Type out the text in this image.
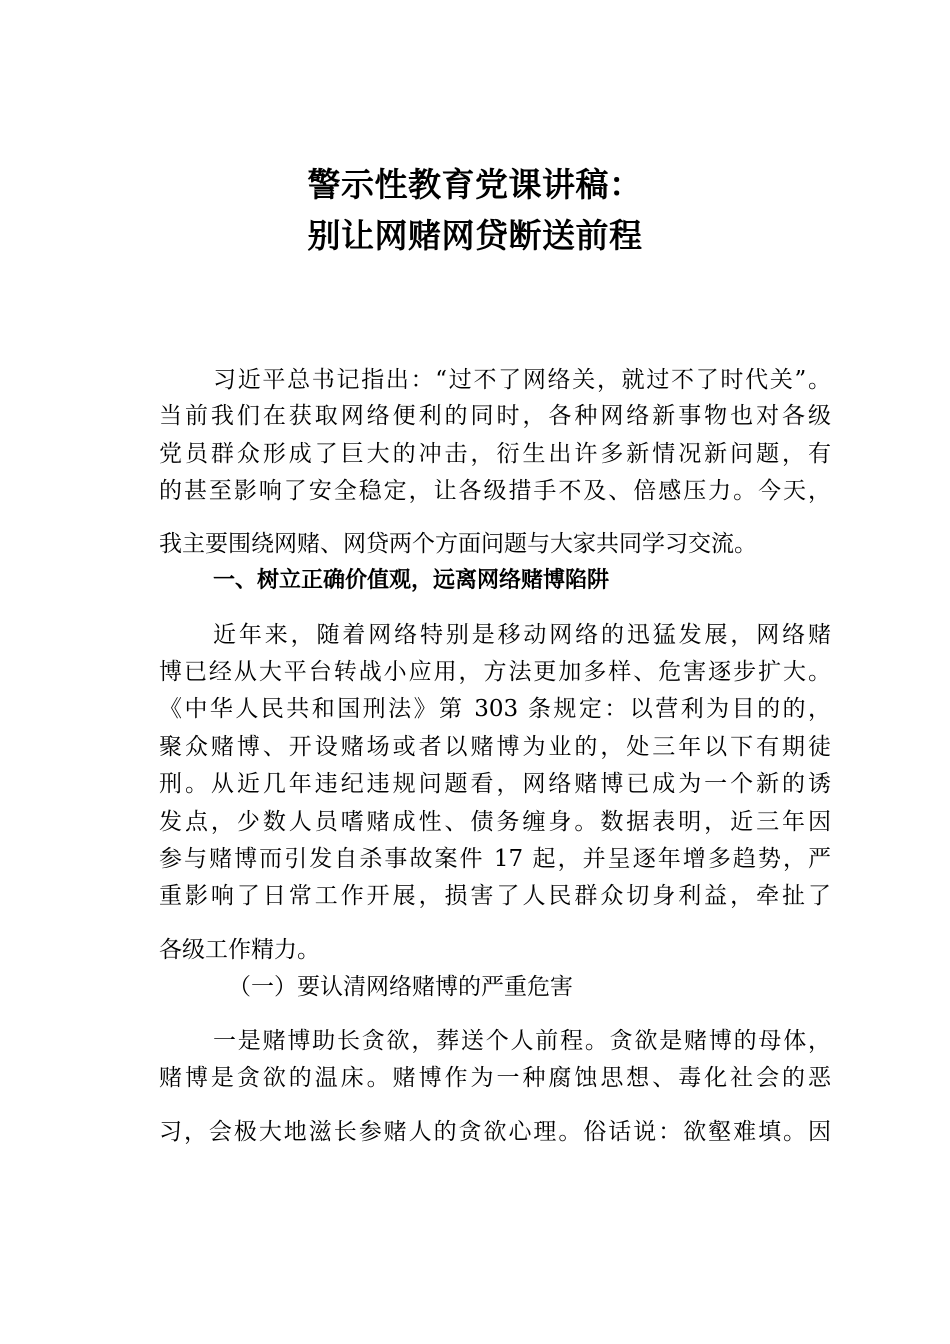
警示性教育党课讲稿：
别让网赌网贷断送前程
习近平总书记指出：“过不了网络关，就过不了时代关”。
当前我们在获取网络便利的同时，各种网络新事物也对各级
党员群众形成了巨大的冲击，衍生出许多新情况新问题，有
的甚至影响了安全稳定，让各级措手不及、倍感压力。今天，
我主要围绕网赌、网贷两个方面问题与大家共同学习交流。
一、树立正确价值观，远离网络赌博陷阱
近年来，随着网络特别是移动网络的迅猛发展，网络赌
博已经从大平台转战小应用，方法更加多样、危害逐步扩大。
《中华人民共和国刑法》第 303 条规定：以营利为目的的，
聚众赌博、开设赌场或者以赌博为业的，处三年以下有期徒
刑。从近几年违纪违规问题看，网络赌博已成为一个新的诱
发点，少数人员嗜赌成性、债务缠身。数据表明，近三年因
参与赌博而引发自杀事故案件 17 起，并呈逐年增多趋势，严
重影响了日常工作开展，损害了人民群众切身利益，牵扯了
各级工作精力。
（一）要认清网络赌博的严重危害
一是赌博助长贪欲，葬送个人前程。贪欲是赌博的母体，
赌博是贪欲的温床。赌博作为一种腐蚀思想、毒化社会的恶
习，会极大地滋长参赌人的贪欲心理。俗话说：欲壑难填。因
